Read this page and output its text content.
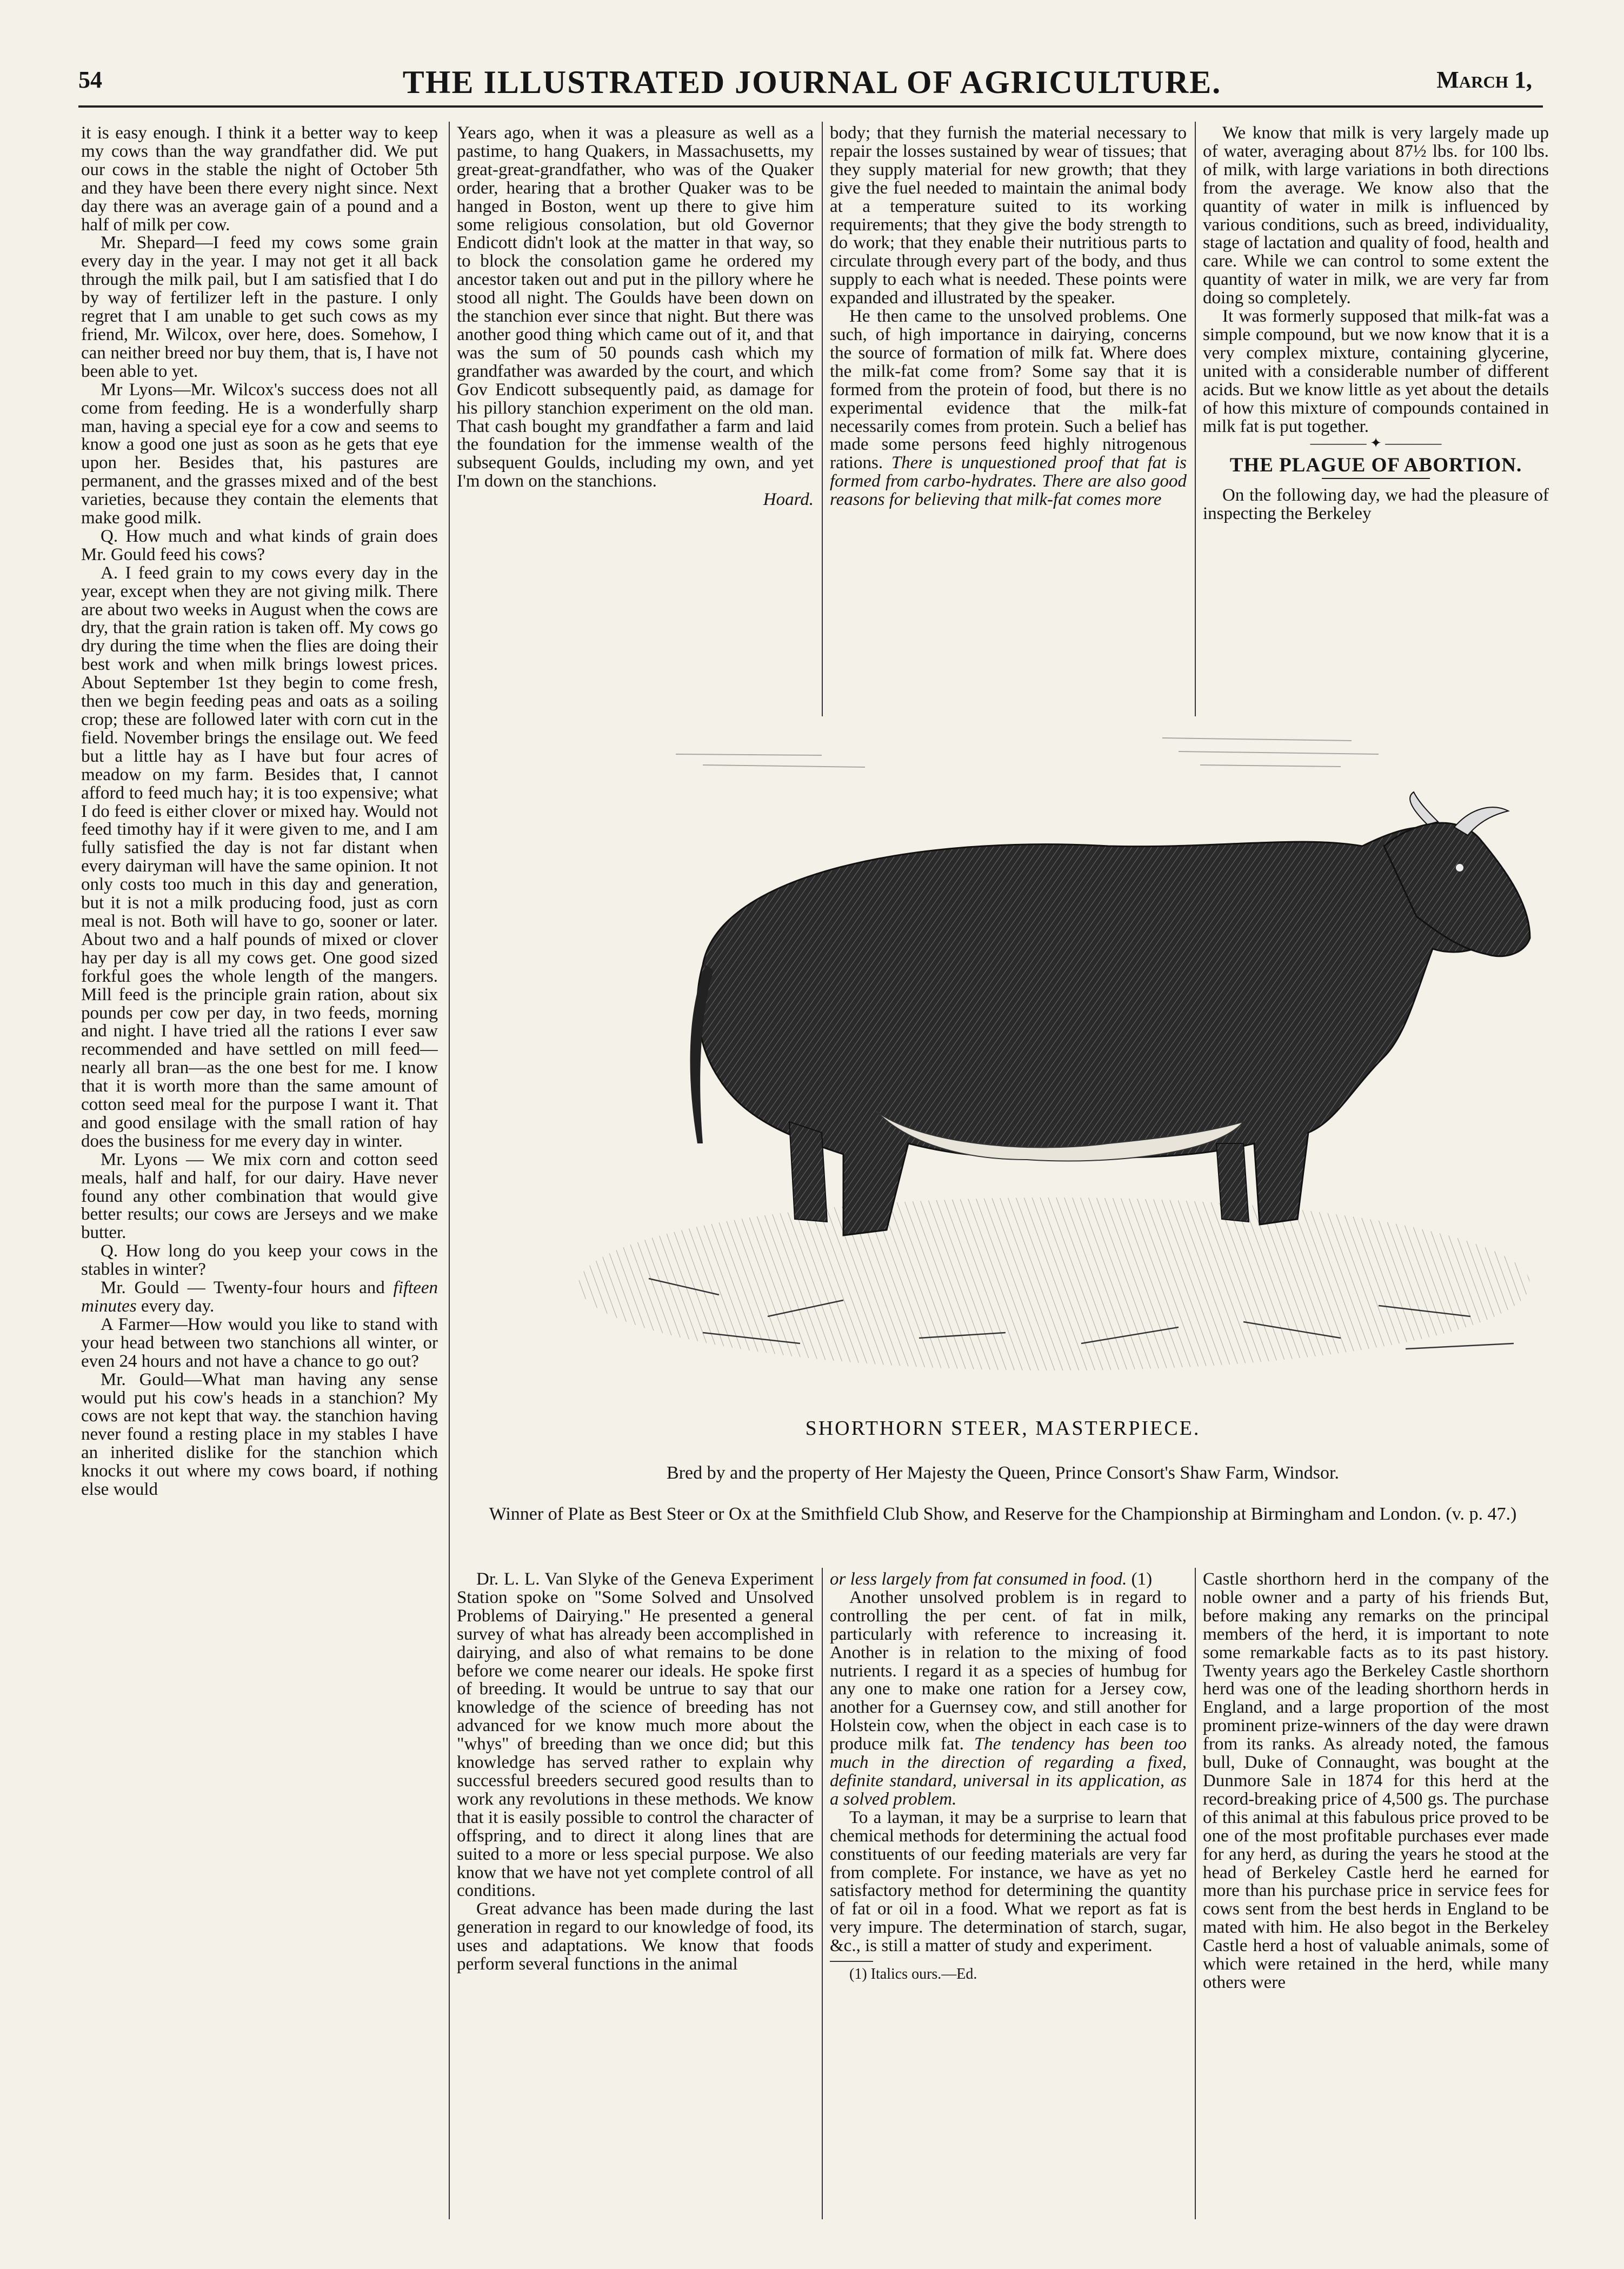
54	THE ILLUSTRATED JOURNAL OF AGRICULTURE.	March 1,

it is easy enough. I think it a better way to keep my cows than the way grandfather did. We put our cows in the stable the night of October 5th and they have been there every night since. Next day there was an average gain of a pound and a half of milk per cow.

Mr. Shepard—I feed my cows some grain every day in the year. I may not get it all back through the milk pail, but I am satisfied that I do by way of fertilizer left in the pasture. I only regret that I am unable to get such cows as my friend, Mr. Wilcox, over here, does. Somehow, I can neither breed nor buy them, that is, I have not been able to yet.

Mr Lyons—Mr. Wilcox's success does not all come from feeding. He is a wonderfully sharp man, having a special eye for a cow and seems to know a good one just as soon as he gets that eye upon her. Besides that, his pastures are permanent, and the grasses mixed and of the best varieties, because they contain the elements that make good milk.

Q. How much and what kinds of grain does Mr. Gould feed his cows?

A. I feed grain to my cows every day in the year, except when they are not giving milk. There are about two weeks in August when the cows are dry, that the grain ration is taken off. My cows go dry during the time when the flies are doing their best work and when milk brings lowest prices. About September 1st they begin to come fresh, then we begin feeding peas and oats as a soiling crop; these are followed later with corn cut in the field. November brings the ensilage out. We feed but a little hay as I have but four acres of meadow on my farm. Besides that, I cannot afford to feed much hay; it is too expensive; what I do feed is either clover or mixed hay. Would not feed timothy hay if it were given to me, and I am fully satisfied the day is not far distant when every dairyman will have the same opinion. It not only costs too much in this day and generation, but it is not a milk producing food, just as corn meal is not. Both will have to go, sooner or later. About two and a half pounds of mixed or clover hay per day is all my cows get. One good sized forkful goes the whole length of the mangers. Mill feed is the principle grain ration, about six pounds per cow per day, in two feeds, morning and night. I have tried all the rations I ever saw recommended and have settled on mill feed—nearly all bran—as the one best for me. I know that it is worth more than the same amount of cotton seed meal for the purpose I want it. That and good ensilage with the small ration of hay does the business for me every day in winter.

Mr. Lyons — We mix corn and cotton seed meals, half and half, for our dairy. Have never found any other combination that would give better results; our cows are Jerseys and we make butter.

Q. How long do you keep your cows in the stables in winter?

Mr. Gould — Twenty-four hours and fifteen minutes every day.

A Farmer—How would you like to stand with your head between two stanchions all winter, or even 24 hours and not have a chance to go out?

Mr. Gould—What man having any sense would put his cow's heads in a stanchion? My cows are not kept that way. the stanchion having never found a resting place in my stables I have an inherited dislike for the stanchion which knocks it out where my cows board, if nothing else would

Years ago, when it was a pleasure as well as a pastime, to hang Quakers, in Massachusetts, my great-great-grandfather, who was of the Quaker order, hearing that a brother Quaker was to be hanged in Boston, went up there to give him some religious consolation, but old Governor Endicott didn't look at the matter in that way, so to block the consolation game he ordered my ancestor taken out and put in the pillory where he stood all night. The Goulds have been down on the stanchion ever since that night. But there was another good thing which came out of it, and that was the sum of 50 pounds cash which my grandfather was awarded by the court, and which Gov Endicott subsequently paid, as damage for his pillory stanchion experiment on the old man. That cash bought my grandfather a farm and laid the foundation for the immense wealth of the subsequent Goulds, including my own, and yet I'm down on the stanchions.

Hoard.

body; that they furnish the material necessary to repair the losses sustained by wear of tissues; that they supply material for new growth; that they give the fuel needed to maintain the animal body at a temperature suited to its working requirements; that they give the body strength to do work; that they enable their nutritious parts to circulate through every part of the body, and thus supply to each what is needed. These points were expanded and illustrated by the speaker.

He then came to the unsolved problems. One such, of high importance in dairying, concerns the source of formation of milk fat. Where does the milk-fat come from? Some say that it is formed from the protein of food, but there is no experimental evidence that the milk-fat necessarily comes from protein. Such a belief has made some persons feed highly nitrogenous rations. There is unquestioned proof that fat is formed from carbo-hydrates. There are also good reasons for believing that milk-fat comes more

We know that milk is very largely made up of water, averaging about 87½ lbs. for 100 lbs. of milk, with large variations in both directions from the average. We know also that the quantity of water in milk is influenced by various conditions, such as breed, individuality, stage of lactation and quality of food, health and care. While we can control to some extent the quantity of water in milk, we are very far from doing so completely.

It was formerly supposed that milk-fat was a simple compound, but we now know that it is a very complex mixture, containing glycerine, united with a considerable number of different acids. But we know little as yet about the details of how this mixture of compounds contained in milk fat is put together.

———— ✦ ————
THE PLAGUE OF ABORTION.

On the following day, we had the pleasure of inspecting the Berkeley

SHORTHORN STEER, MASTERPIECE.
Bred by and the property of Her Majesty the Queen, Prince Consort's Shaw Farm, Windsor.
Winner of Plate as Best Steer or Ox at the Smithfield Club Show, and Reserve for the Championship at Birmingham and London. (v. p. 47.)

Dr. L. L. Van Slyke of the Geneva Experiment Station spoke on "Some Solved and Unsolved Problems of Dairying." He presented a general survey of what has already been accomplished in dairying, and also of what remains to be done before we come nearer our ideals. He spoke first of breeding. It would be untrue to say that our knowledge of the science of breeding has not advanced for we know much more about the "whys" of breeding than we once did; but this knowledge has served rather to explain why successful breeders secured good results than to work any revolutions in these methods. We know that it is easily possible to control the character of offspring, and to direct it along lines that are suited to a more or less special purpose. We also know that we have not yet complete control of all conditions.

Great advance has been made during the last generation in regard to our knowledge of food, its uses and adaptations. We know that foods perform several functions in the animal

or less largely from fat consumed in food. (1)

Another unsolved problem is in regard to controlling the per cent. of fat in milk, particularly with reference to increasing it. Another is in relation to the mixing of food nutrients. I regard it as a species of humbug for any one to make one ration for a Jersey cow, another for a Guernsey cow, and still another for Holstein cow, when the object in each case is to produce milk fat. The tendency has been too much in the direction of regarding a fixed, definite standard, universal in its application, as a solved problem.

To a layman, it may be a surprise to learn that chemical methods for determining the actual food constituents of our feeding materials are very far from complete. For instance, we have as yet no satisfactory method for determining the quantity of fat or oil in a food. What we report as fat is very impure. The determination of starch, sugar, &c., is still a matter of study and experiment.

(1) Italics ours.—Ed.

Castle shorthorn herd in the company of the noble owner and a party of his friends But, before making any remarks on the principal members of the herd, it is important to note some remarkable facts as to its past history. Twenty years ago the Berkeley Castle shorthorn herd was one of the leading shorthorn herds in England, and a large proportion of the most prominent prize-winners of the day were drawn from its ranks. As already noted, the famous bull, Duke of Connaught, was bought at the Dunmore Sale in 1874 for this herd at the record-breaking price of 4,500 gs. The purchase of this animal at this fabulous price proved to be one of the most profitable purchases ever made for any herd, as during the years he stood at the head of Berkeley Castle herd he earned for more than his purchase price in service fees for cows sent from the best herds in England to be mated with him. He also begot in the Berkeley Castle herd a host of valuable animals, some of which were retained in the herd, while many others were
